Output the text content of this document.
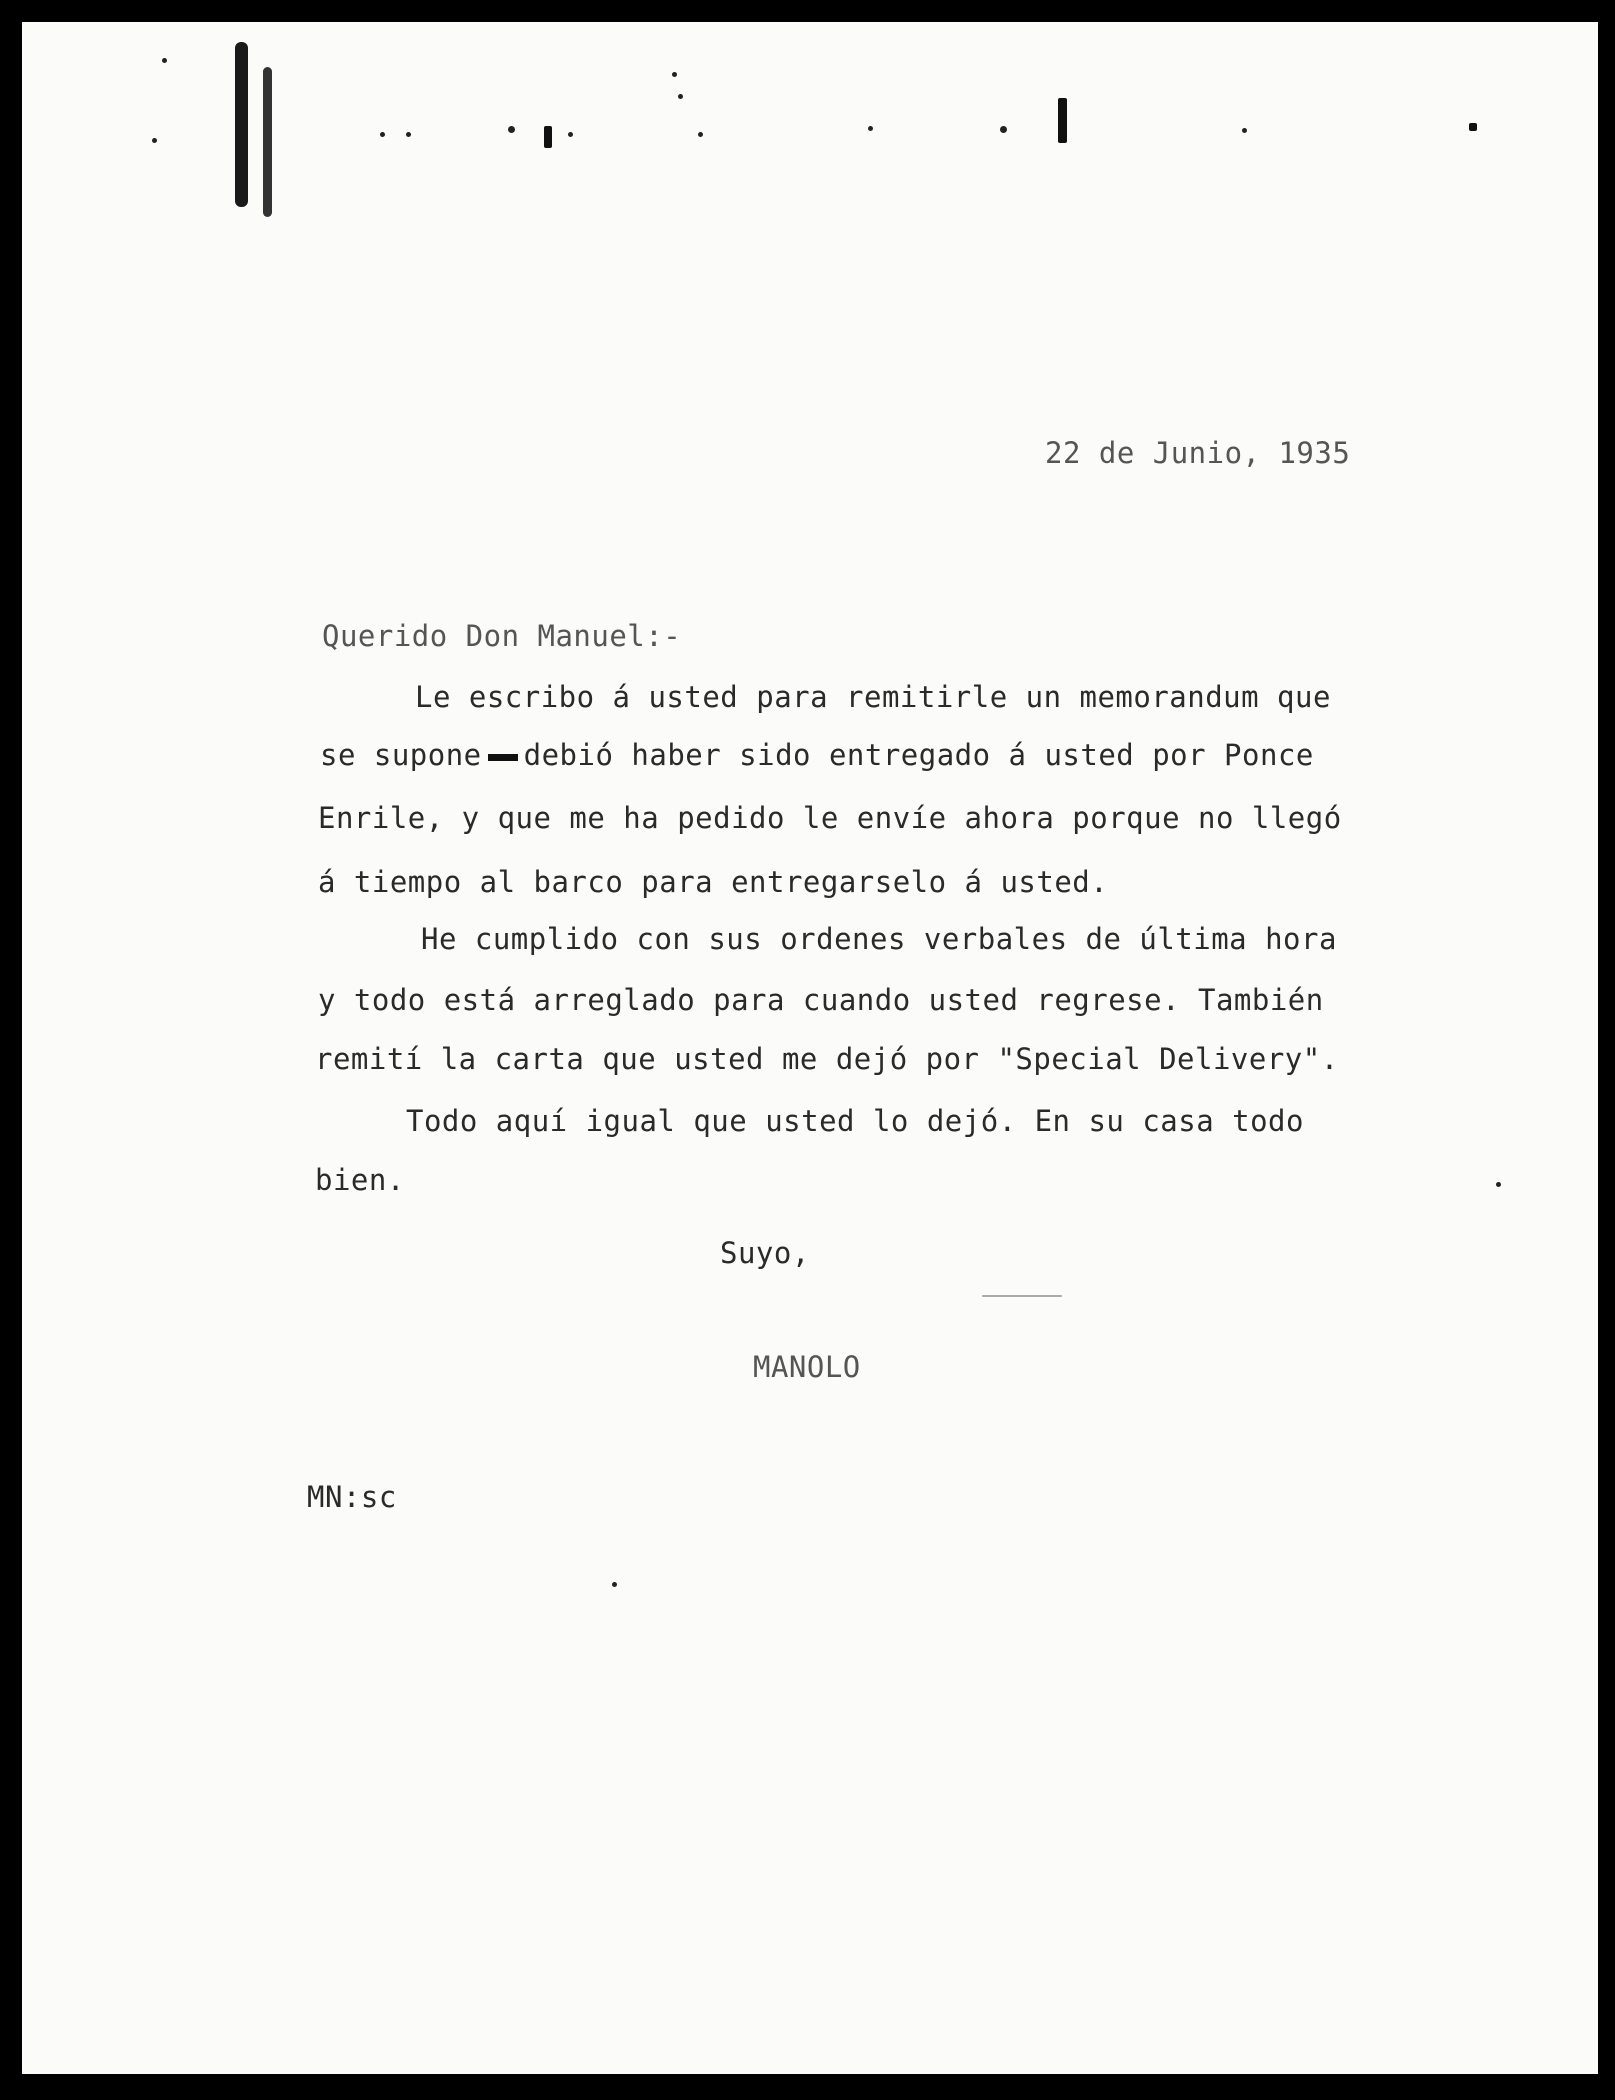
22 de Junio, 1935
Querido Don Manuel:-
Le escribo á usted para remitirle un memorandum que
se supone debió haber sido entregado á usted por Ponce
Enrile, y que me ha pedido le envíe ahora porque no llegó
á tiempo al barco para entregarselo á usted.
He cumplido con sus ordenes verbales de última hora
y todo está arreglado para cuando usted regrese. También
remití la carta que usted me dejó por "Special Delivery".
Todo aquí igual que usted lo dejó. En su casa todo
bien.
Suyo,
MANOLO
MN:sc
